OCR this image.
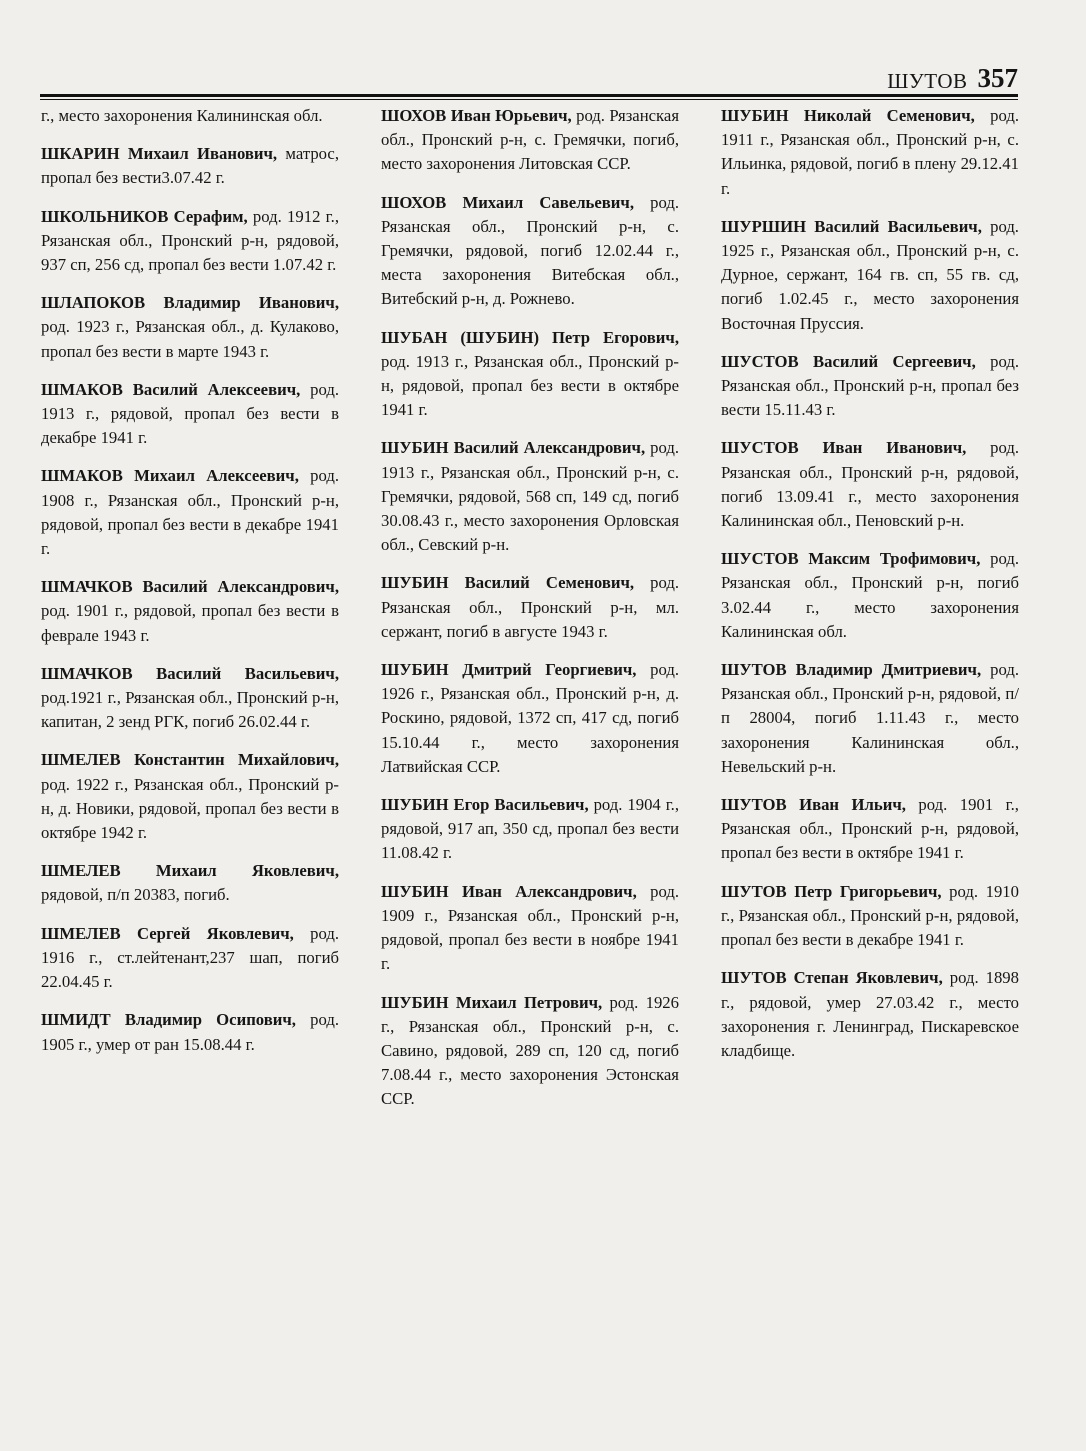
ШУТОВ 357

г., место захоронения Калининская обл.

ШКАРИН Михаил Иванович, матрос, пропал без вести3.07.42 г.

ШКОЛЬНИКОВ Серафим, род. 1912 г., Рязанская обл., Пронский р-н, рядовой, 937 сп, 256 сд, пропал без вести 1.07.42 г.

ШЛАПОКОВ Владимир Иванович, род. 1923 г., Рязанская обл., д. Кулаково, пропал без вести в марте 1943 г.

ШМАКОВ Василий Алексеевич, род. 1913 г., рядовой, пропал без вести в декабре 1941 г.

ШМАКОВ Михаил Алексеевич, род. 1908 г., Рязанская обл., Пронский р-н, рядовой, пропал без вести в декабре 1941 г.

ШМАЧКОВ Василий Александрович, род. 1901 г., рядовой, пропал без вести в феврале 1943 г.

ШМАЧКОВ Василий Васильевич, род.1921 г., Рязанская обл., Пронский р-н, капитан, 2 зенд РГК, погиб 26.02.44 г.

ШМЕЛЕВ Константин Михайлович, род. 1922 г., Рязанская обл., Пронский р-н, д. Новики, рядовой, пропал без вести в октябре 1942 г.

ШМЕЛЕВ Михаил Яковлевич, рядовой, п/п 20383, погиб.

ШМЕЛЕВ Сергей Яковлевич, род. 1916 г., ст.лейтенант,237 шап, погиб 22.04.45 г.

ШМИДТ Владимир Осипович, род. 1905 г., умер от ран 15.08.44 г.

ШОХОВ Иван Юрьевич, род. Рязанская обл., Пронский р-н, с. Гремячки, погиб, место захоронения Литовская ССР.

ШОХОВ Михаил Савельевич, род. Рязанская обл., Пронский р-н, с. Гремячки, рядовой, погиб 12.02.44 г., места захоронения Витебская обл., Витебский р-н, д. Рожнево.

ШУБАН (ШУБИН) Петр Егорович, род. 1913 г., Рязанская обл., Пронский р-н, рядовой, пропал без вести в октябре 1941 г.

ШУБИН Василий Александрович, род. 1913 г., Рязанская обл., Пронский р-н, с. Гремячки, рядовой, 568 сп, 149 сд, погиб 30.08.43 г., место захоронения Орловская обл., Севский р-н.

ШУБИН Василий Семенович, род. Рязанская обл., Пронский р-н, мл. сержант, погиб в августе 1943 г.

ШУБИН Дмитрий Георгиевич, род. 1926 г., Рязанская обл., Пронский р-н, д. Роскино, рядовой, 1372 сп, 417 сд, погиб 15.10.44 г., место захоронения Латвийская ССР.

ШУБИН Егор Васильевич, род. 1904 г., рядовой, 917 ап, 350 сд, пропал без вести 11.08.42 г.

ШУБИН Иван Александрович, род. 1909 г., Рязанская обл., Пронский р-н, рядовой, пропал без вести в ноябре 1941 г.

ШУБИН Михаил Петрович, род. 1926 г., Рязанская обл., Пронский р-н, с. Савино, рядовой, 289 сп, 120 сд, погиб 7.08.44 г., место захоронения Эстонская ССР.

ШУБИН Николай Семенович, род. 1911 г., Рязанская обл., Пронский р-н, с. Ильинка, рядовой, погиб в плену 29.12.41 г.

ШУРШИН Василий Васильевич, род. 1925 г., Рязанская обл., Пронский р-н, с. Дурное, сержант, 164 гв. сп, 55 гв. сд, погиб 1.02.45 г., место захоронения Восточная Пруссия.

ШУСТОВ Василий Сергеевич, род. Рязанская обл., Пронский р-н, пропал без вести 15.11.43 г.

ШУСТОВ Иван Иванович, род. Рязанская обл., Пронский р-н, рядовой, погиб 13.09.41 г., место захоронения Калининская обл., Пеновский р-н.

ШУСТОВ Максим Трофимович, род. Рязанская обл., Пронский р-н, погиб 3.02.44 г., место захоронения Калининская обл.

ШУТОВ Владимир Дмитриевич, род. Рязанская обл., Пронский р-н, рядовой, п/п 28004, погиб 1.11.43 г., место захоронения Калининская обл., Невельский р-н.

ШУТОВ Иван Ильич, род. 1901 г., Рязанская обл., Пронский р-н, рядовой, пропал без вести в октябре 1941 г.

ШУТОВ Петр Григорьевич, род. 1910 г., Рязанская обл., Пронский р-н, рядовой, пропал без вести в декабре 1941 г.

ШУТОВ Степан Яковлевич, род. 1898 г., рядовой, умер 27.03.42 г., место захоронения г. Ленинград, Пискаревское кладбище.
